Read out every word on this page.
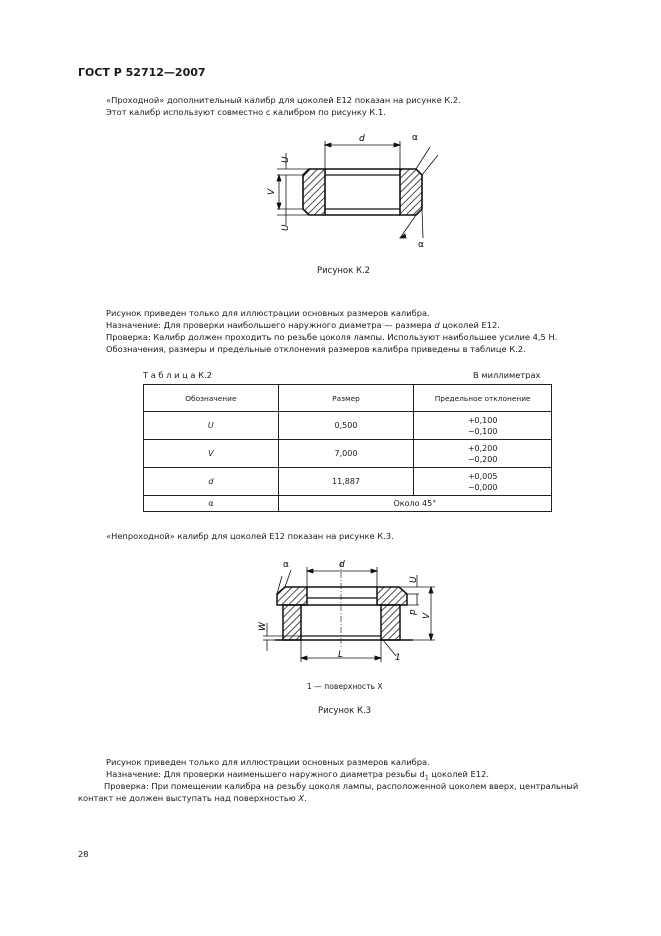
ГОСТ Р 52712—2007
«Проходной» дополнительный калибр для цоколей Е12 показан на рисунке К.2.
Этот калибр используют совместно с калибром по рисунку К.1.
d	α
α
U
V
U
Рисунок К.2
Рисунок приведен только для иллюстрации основных размеров калибра.
Назначение: Для проверки наибольшего наружного диаметра — размера d цоколей Е12.
Проверка: Калибр должен проходить по резьбе цоколя лампы. Используют наибольшее усилие 4,5 Н.
Обозначения, размеры и предельные отклонения размеров калибра приведены в таблице К.2.
Т а б л и ц а К.2	В миллиметрах
Обозначение	Размер	Предельное отклонение
U	0,500	+0,100
−0,100

V	7,000	+0,200
−0,200

d	11,887	+0,005
−0,000

α	Около 45°	
«Непроходной» калибр для цоколей Е12 показан на рисунке К.3.
d
α
U
p
V
W
L	1
1 — поверхность X
Рисунок К.3
Рисунок приведен только для иллюстрации основных размеров калибра.
Назначение: Для проверки наименьшего наружного диаметра резьбы $d_1$ цоколей Е12.
Проверка: При помещении калибра на резьбу цоколя лампы, расположенной цоколем вверх, центральный
контакт не должен выступать над поверхностью X.
28
